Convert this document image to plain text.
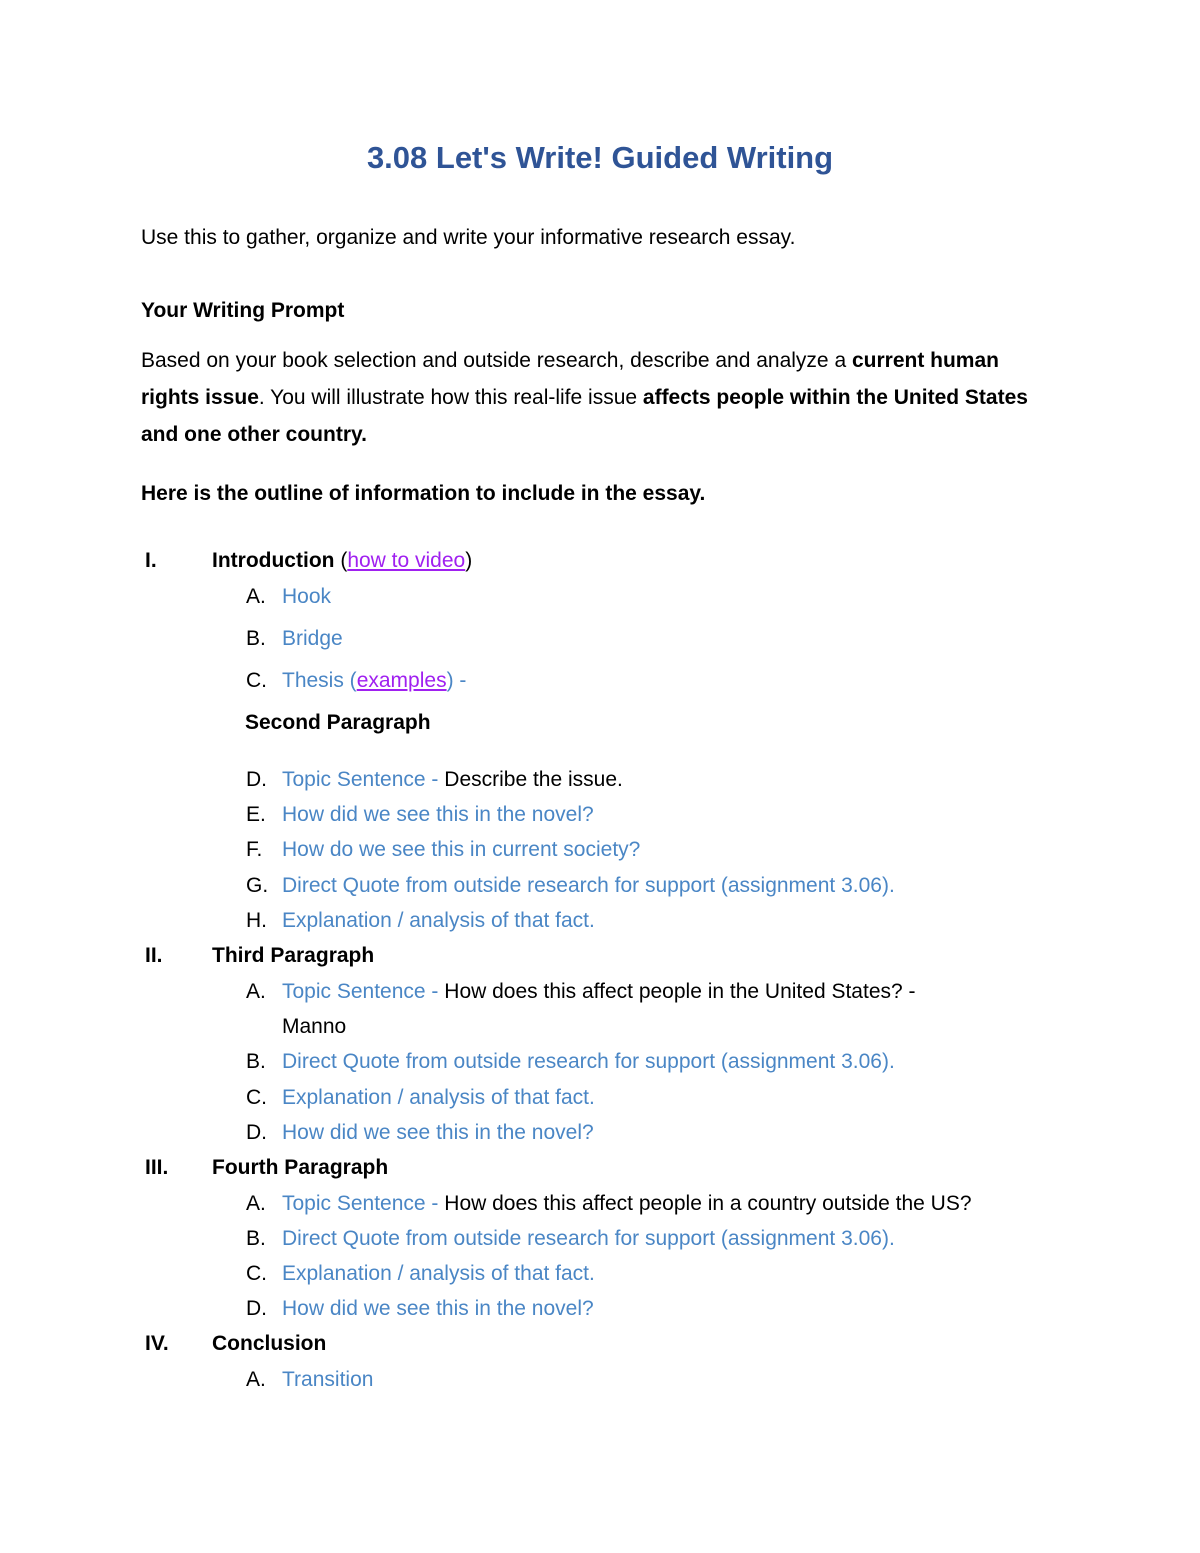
3.08 Let's Write! Guided Writing

Use this to gather, organize and write your informative research essay.

Your Writing Prompt

Based on your book selection and outside research, describe and analyze a current human rights issue. You will illustrate how this real-life issue affects people within the United States and one other country.

Here is the outline of information to include in the essay.

I.	Introduction (how to video)
A. Hook
B. Bridge
C. Thesis (examples) -
Second Paragraph
D. Topic Sentence - Describe the issue.
E. How did we see this in the novel?
F. How do we see this in current society?
G. Direct Quote from outside research for support (assignment 3.06).
H. Explanation / analysis of that fact.
II. Third Paragraph
A. Topic Sentence - How does this affect people in the United States? -
Manno
B. Direct Quote from outside research for support (assignment 3.06).
C. Explanation / analysis of that fact.
D. How did we see this in the novel?
III. Fourth Paragraph
A. Topic Sentence - How does this affect people in a country outside the US?
B. Direct Quote from outside research for support (assignment 3.06).
C. Explanation / analysis of that fact.
D. How did we see this in the novel?
IV. Conclusion
A. Transition
